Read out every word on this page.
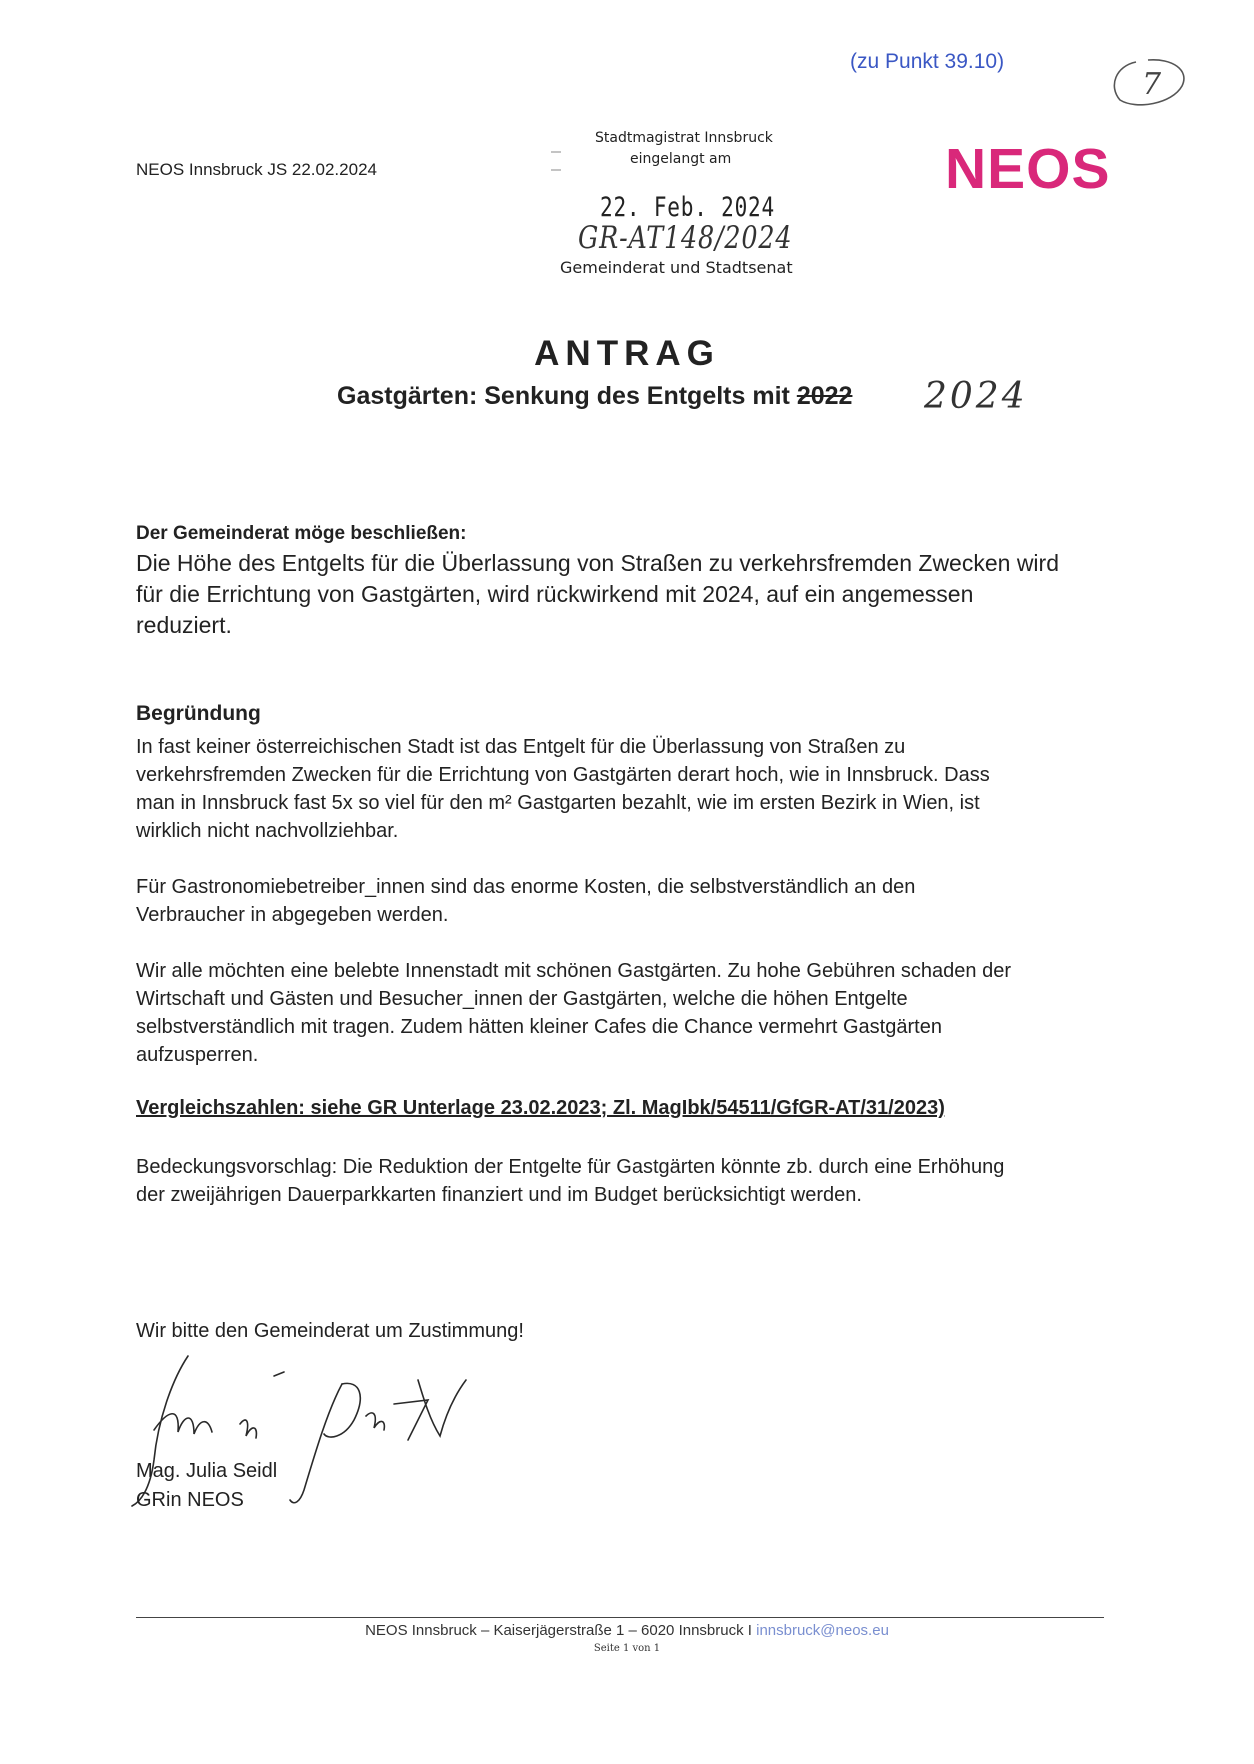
(zu Punkt 39.10)
7
NEOS Innsbruck JS 22.02.2024
Stadtmagistrat Innsbruck
eingelangt am
22. Feb. 2024
GR-AT148/2024
Gemeinderat und Stadtsenat
NEOS
ANTRAG
Gastgärten: Senkung des Entgelts mit 2022 2024
Der Gemeinderat möge beschließen:
Die Höhe des Entgelts für die Überlassung von Straßen zu verkehrsfremden Zwecken wird
für die Errichtung von Gastgärten, wird rückwirkend mit 2024, auf ein angemessen
reduziert.
Begründung
In fast keiner österreichischen Stadt ist das Entgelt für die Überlassung von Straßen zu
verkehrsfremden Zwecken für die Errichtung von Gastgärten derart hoch, wie in Innsbruck. Dass
man in Innsbruck fast 5x so viel für den m² Gastgarten bezahlt, wie im ersten Bezirk in Wien, ist
wirklich nicht nachvollziehbar.
Für Gastronomiebetreiber_innen sind das enorme Kosten, die selbstverständlich an den
Verbraucher in abgegeben werden.
Wir alle möchten eine belebte Innenstadt mit schönen Gastgärten. Zu hohe Gebühren schaden der
Wirtschaft und Gästen und Besucher_innen der Gastgärten, welche die höhen Entgelte
selbstverständlich mit tragen. Zudem hätten kleiner Cafes die Chance vermehrt Gastgärten
aufzusperren.
Vergleichszahlen: siehe GR Unterlage 23.02.2023; Zl. MagIbk/54511/GfGR-AT/31/2023)
Bedeckungsvorschlag: Die Reduktion der Entgelte für Gastgärten könnte zb. durch eine Erhöhung
der zweijährigen Dauerparkkarten finanziert und im Budget berücksichtigt werden.
Wir bitte den Gemeinderat um Zustimmung!
Mag. Julia Seidl
GRin NEOS
NEOS Innsbruck – Kaiserjägerstraße 1 – 6020 Innsbruck I innsbruck@neos.eu
Seite 1 von 1
